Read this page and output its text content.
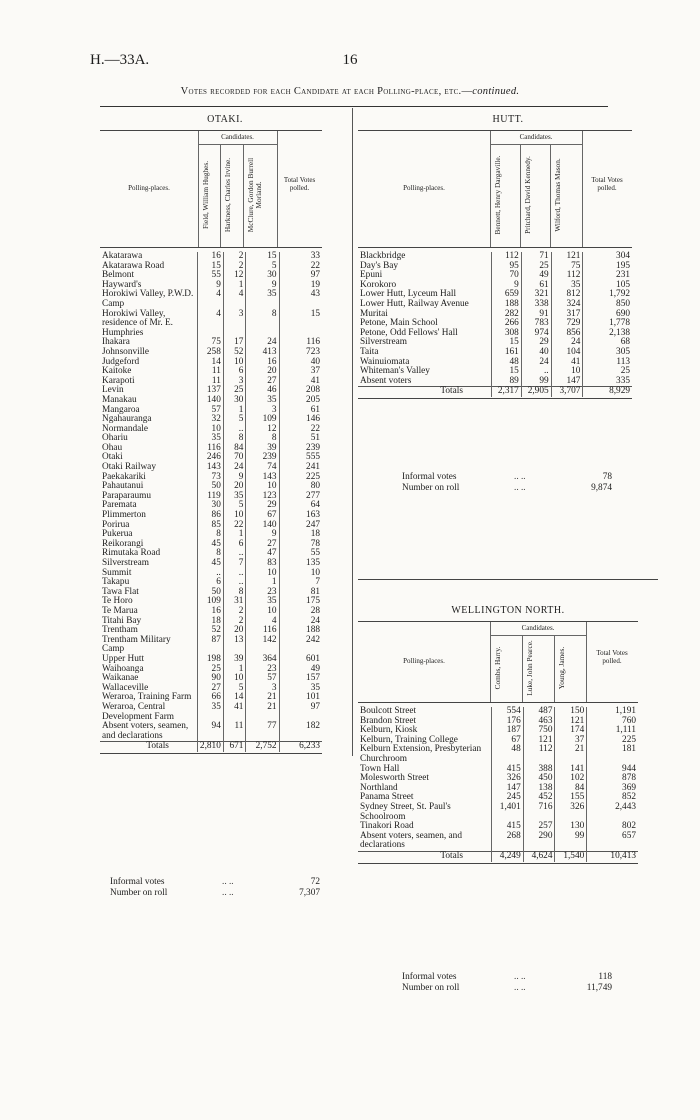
H.—33A.	16
Votes recorded for each Candidate at each Polling-place, etc.—continued.
OTAKI.
Candidates.
Polling-places.
Total Votes polled.
Field, William Hughes. Harkness, Charles Irvine. McClure, Gordon Burrell Morland.
Akatarawa	16	2	15	33
Akatarawa Road	15	2	5	22
Belmont	55	12	30	97
Hayward's	9	1	9	19
Horokiwi Valley, P.W.D. Camp	4	4	35	43
Horokiwi Valley, residence of Mr. E. Humphries	4	3	8	15
Ihakara	75	17	24	116
Johnsonville	258	52	413	723
Judgeford	14	10	16	40
Kaitoke	11	6	20	37
Karapoti	11	3	27	41
Levin	137	25	46	208
Manakau	140	30	35	205
Mangaroa	57	1	3	61
Ngahauranga	32	5	109	146
Normandale	10	..	12	22
Ohariu	35	8	8	51
Ohau	116	84	39	239
Otaki	246	70	239	555
Otaki Railway	143	24	74	241
Paekakariki	73	9	143	225
Pahautanui	50	20	10	80
Paraparaumu	119	35	123	277
Paremata	30	5	29	64
Plimmerton	86	10	67	163
Porirua	85	22	140	247
Pukerua	8	1	9	18
Reikorangi	45	6	27	78
Rimutaka Road	8	..	47	55
Silverstream	45	7	83	135
Summit	..	..	10	10
Takapu	6	..	1	7
Tawa Flat	50	8	23	81
Te Horo	109	31	35	175
Te Marua	16	2	10	28
Titahi Bay	18	2	4	24
Trentham	52	20	116	188
Trentham Military Camp	87	13	142	242
Upper Hutt	198	39	364	601
Waihoanga	25	1	23	49
Waikanae	90	10	57	157
Wallaceville	27	5	3	35
Weraroa, Training Farm	66	14	21	101
Weraroa, Central Development Farm	35	41	21	97
Absent voters, seamen, and declarations	94	11	77	182
Totals	2,810	671	2,752	6,233
Informal votes	.. ..	72
Number on roll	.. ..	7,307
HUTT.
Candidates.
Polling-places.
Total Votes polled.
Bennett, Henry Dargaville.	Pritchard, David Kennedy.	Wilford, Thomas Mason.
Blackbridge	112	71	121	304
Day's Bay	95	25	75	195
Epuni	70	49	112	231
Korokoro	9	61	35	105
Lower Hutt, Lyceum Hall	659	321	812	1,792
Lower Hutt, Railway Avenue	188	338	324	850
Muritai	282	91	317	690
Petone, Main School	266	783	729	1,778
Petone, Odd Fellows' Hall	308	974	856	2,138
Silverstream	15	29	24	68
Taita	161	40	104	305
Wainuiomata	48	24	41	113
Whiteman's Valley	15	..	10	25
Absent voters	89	99	147	335
Totals	2,317	2,905	3,707	8,929
Informal votes	.. ..	78
Number on roll	.. ..	9,874
WELLINGTON NORTH.
Candidates.
Polling-places.
Total Votes polled.
Combs, Harry.	Luke, John Pearce.	Young, James.
Boulcott Street	554	487	150	1,191
Brandon Street	176	463	121	760
Kelburn, Kiosk	187	750	174	1,111
Kelburn, Training College	67	121	37	225
Kelburn Extension, Presbyterian Churchroom	48	112	21	181
Town Hall	415	388	141	944
Molesworth Street	326	450	102	878
Northland	147	138	84	369
Panama Street	245	452	155	852
Sydney Street, St. Paul's Schoolroom	1,401	716	326	2,443
Tinakori Road	415	257	130	802
Absent voters, seamen, and declarations	268	290	99	657
Totals	4,249	4,624	1,540	10,413
Informal votes	.. ..	118
Number on roll	.. ..	11,749
